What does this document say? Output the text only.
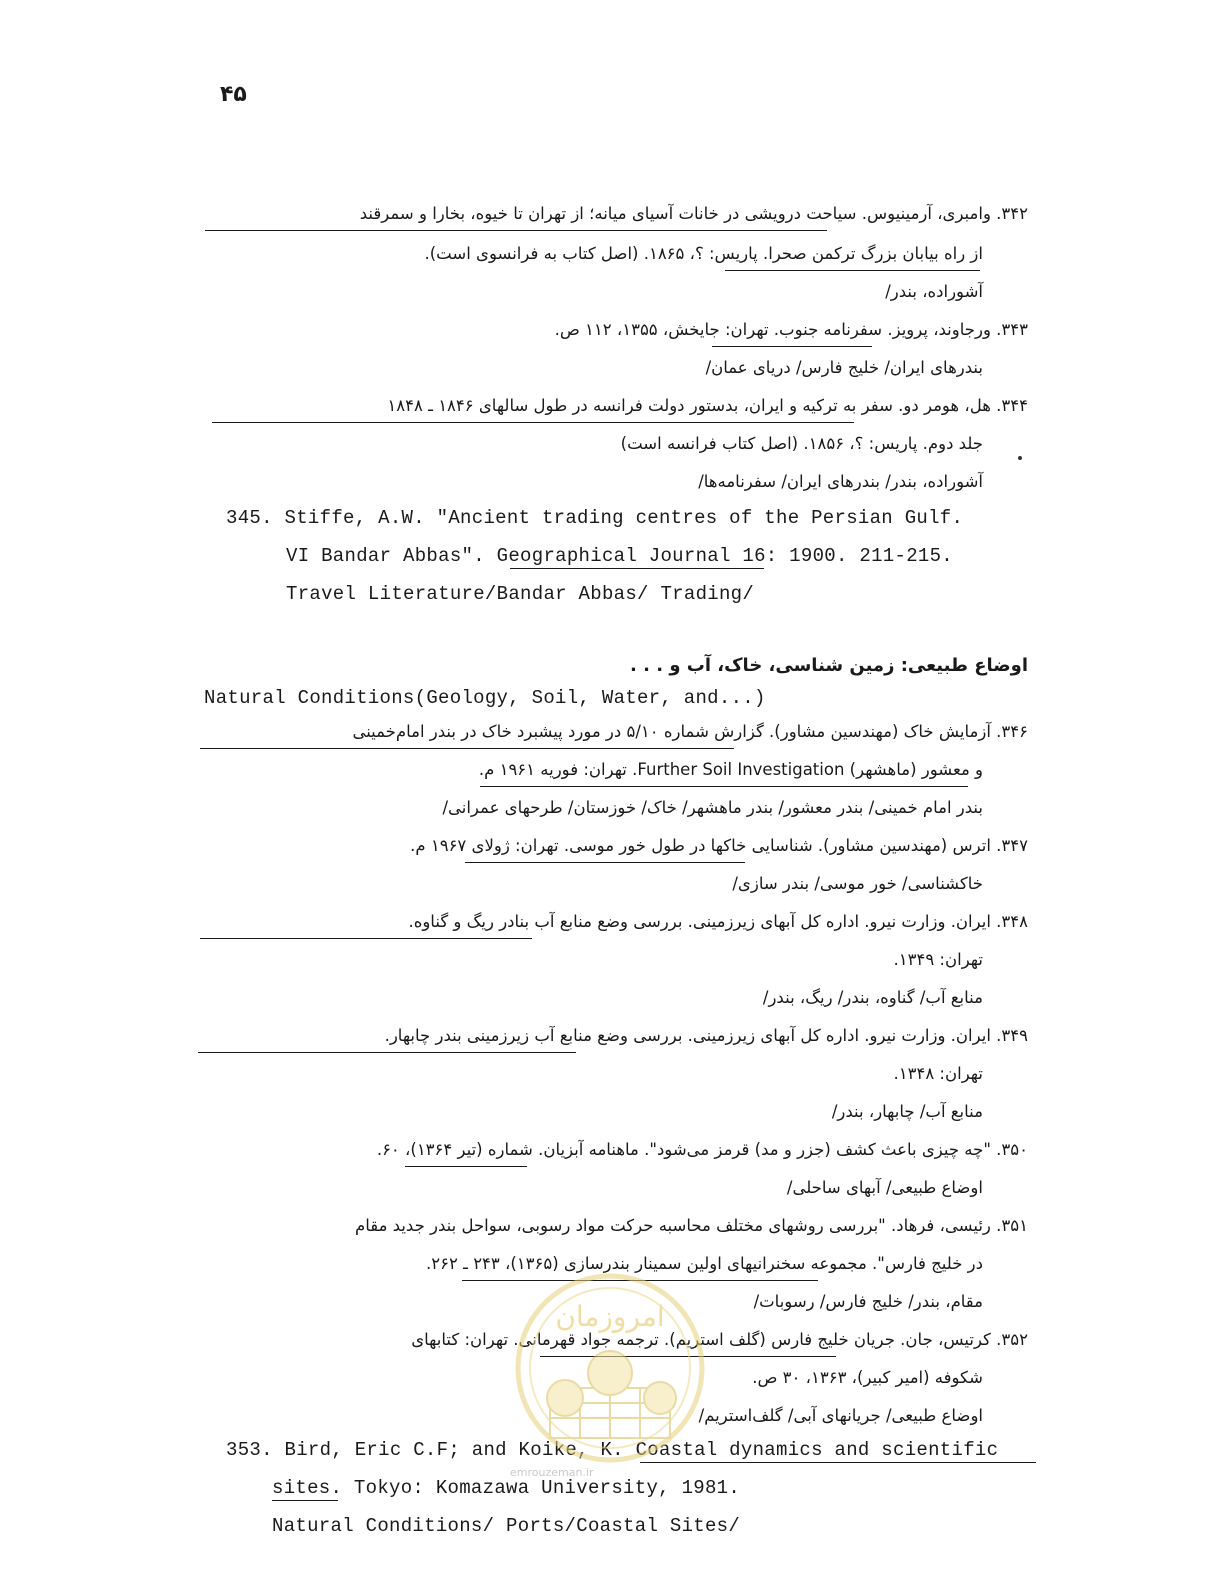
۴۵
۳۴۲. وامبری، آرمینیوس. سیاحت درویشی در خانات آسیای میانه؛ از تهران تا خیوه، بخارا و سمرقند
از راه بیابان بزرگ ترکمن صحرا. پاریس: ؟، ۱۸۶۵. (اصل کتاب به فرانسوی است).
آشوراده، بندر/
۳۴۳. ورجاوند، پرویز. سفرنامه جنوب. تهران: جایخش، ۱۳۵۵، ۱۱۲ ص.
بندرهای ایران/ خلیج فارس/ دریای عمان/
۳۴۴. هل، هومر دو. سفر به ترکیه و ایران، بدستور دولت فرانسه در طول سالهای ۱۸۴۶ ـ ۱۸۴۸
جلد دوم. پاریس: ؟، ۱۸۵۶. (اصل کتاب فرانسه است)
آشوراده، بندر/ بندرهای ایران/ سفرنامه‌ها/
345. Stiffe, A.W. "Ancient trading centres of the Persian Gulf.
VI Bandar Abbas". Geographical Journal 16: 1900. 211-215.
Travel Literature/Bandar Abbas/ Trading/
اوضاع طبیعی: زمین شناسی، خاک، آب و . . .
Natural Conditions(Geology, Soil, Water, and...)
۳۴۶. آزمایش خاک (مهندسین مشاور). گزارش شماره ۵/۱۰ در مورد پیشبرد خاک در بندر امام‌خمینی
و معشور (ماهشهر) Further Soil Investigation. تهران: فوریه ۱۹۶۱ م.
بندر امام خمینی/ بندر معشور/ بندر ماهشهر/ خاک/ خوزستان/ طرحهای عمرانی/
۳۴۷. اترس (مهندسین مشاور). شناسایی خاکها در طول خور موسی. تهران: ژولای ۱۹۶۷ م.
خاکشناسی/ خور موسی/ بندر سازی/
۳۴۸. ایران. وزارت نیرو. اداره کل آبهای زیرزمینی. بررسی وضع منابع آب بنادر ریگ و گناوه.
تهران: ۱۳۴۹.
منابع آب/ گناوه، بندر/ ریگ، بندر/
۳۴۹. ایران. وزارت نیرو. اداره کل آبهای زیرزمینی. بررسی وضع منابع آب زیرزمینی بندر چابهار.
تهران: ۱۳۴۸.
منابع آب/ چابهار، بندر/
۳۵۰. "چه چیزی باعث کشف (جزر و مد) قرمز می‌شود". ماهنامه آبزیان. شماره (تیر ۱۳۶۴)، ۶۰.
اوضاع طبیعی/ آبهای ساحلی/
۳۵۱. رئیسی، فرهاد. "بررسی روشهای مختلف محاسبه حرکت مواد رسوبی، سواحل بندر جدید مقام
در خلیج فارس". مجموعه سخنرانیهای اولین سمینار بندرسازی (۱۳۶۵)، ۲۴۳ ـ ۲۶۲.
مقام، بندر/ خلیج فارس/ رسوبات/
۳۵۲. کرتیس، جان. جریان خلیج فارس (گلف استریم). ترجمه جواد قهرمانی. تهران: کتابهای
شکوفه (امیر کبیر)، ۱۳۶۳، ۳۰ ص.
اوضاع طبیعی/ جریانهای آبی/ گلف‌استریم/
353. Bird, Eric C.F; and Koike, K. Coastal dynamics and scientific
sites. Tokyo: Komazawa University, 1981.
Natural Conditions/ Ports/Coastal Sites/
امروزمان
emrouzeman.ir
